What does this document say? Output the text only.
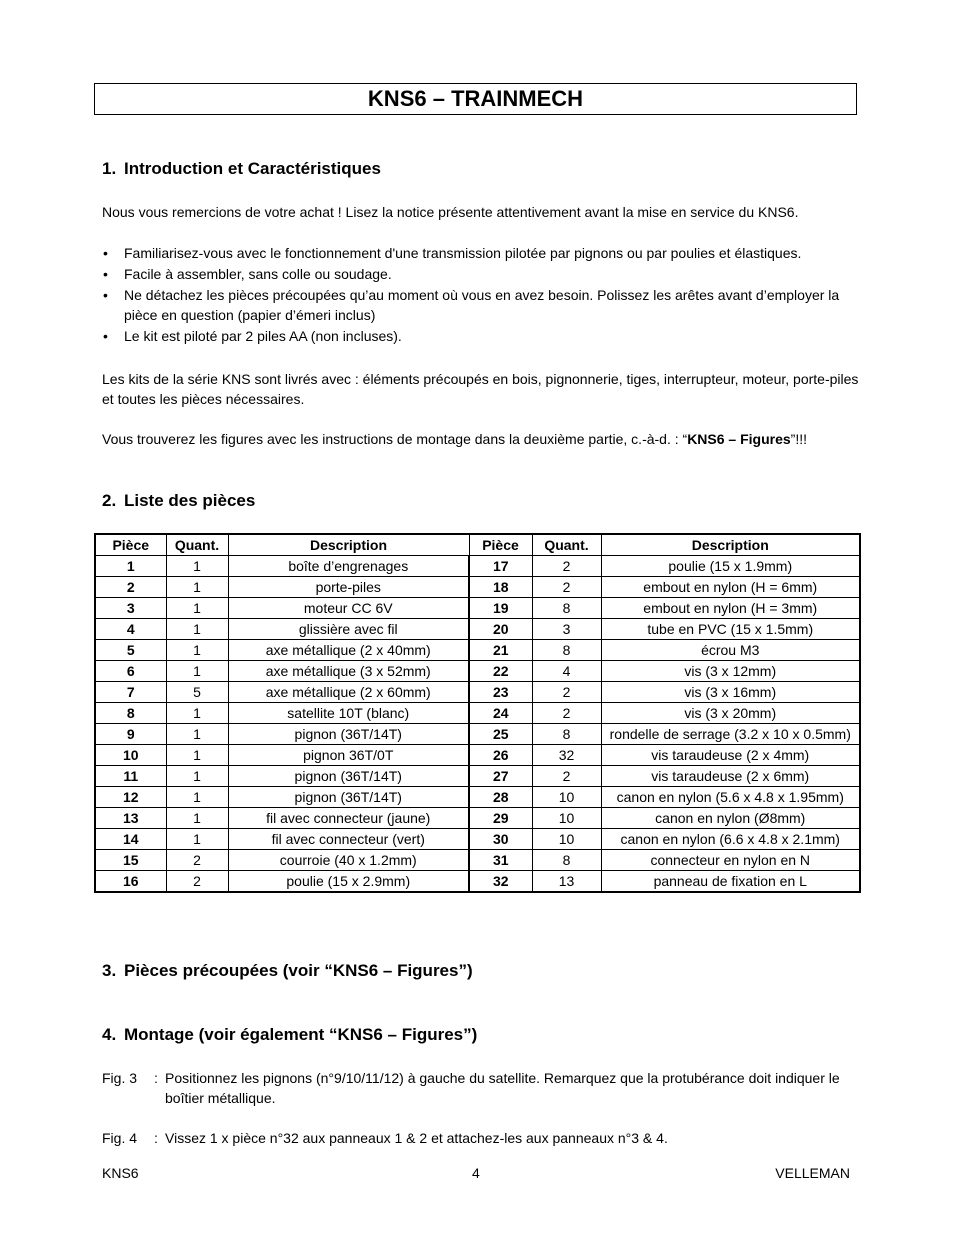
KNS6 – TRAINMECH
1. Introduction et Caractéristiques

Nous vous remercions de votre achat ! Lisez la notice présente attentivement avant la mise en service du KNS6.

• Familiarisez-vous avec le fonctionnement d'une transmission pilotée par pignons ou par poulies et élastiques.
• Facile à assembler, sans colle ou soudage.
• Ne détachez les pièces précoupées qu’au moment où vous en avez besoin. Polissez les arêtes avant d’employer la pièce en question (papier d’émeri inclus)
• Le kit est piloté par 2 piles AA (non incluses).

Les kits de la série KNS sont livrés avec : éléments précoupés en bois, pignonnerie, tiges, interrupteur, moteur, porte-piles et toutes les pièces nécessaires.

Vous trouverez les figures avec les instructions de montage dans la deuxième partie, c.-à-d. : “KNS6 – Figures”!!!

2. Liste des pièces
Pièce	Quant.	Description	Pièce	Quant.	Description
1	1	boîte d’engrenages	17	2	poulie (15 x 1.9mm)
2	1	porte-piles	18	2	embout en nylon (H = 6mm)
3	1	moteur CC 6V	19	8	embout en nylon (H = 3mm)
4	1	glissière avec fil	20	3	tube en PVC (15 x 1.5mm)
5	1	axe métallique (2 x 40mm)	21	8	écrou M3
6	1	axe métallique (3 x 52mm)	22	4	vis (3 x 12mm)
7	5	axe métallique (2 x 60mm)	23	2	vis (3 x 16mm)
8	1	satellite 10T (blanc)	24	2	vis (3 x 20mm)
9	1	pignon (36T/14T)	25	8	rondelle de serrage (3.2 x 10 x 0.5mm)
10	1	pignon 36T/0T	26	32	vis taraudeuse (2 x 4mm)
11	1	pignon (36T/14T)	27	2	vis taraudeuse (2 x 6mm)
12	1	pignon (36T/14T)	28	10	canon en nylon (5.6 x 4.8 x 1.95mm)
13	1	fil avec connecteur (jaune)	29	10	canon en nylon (Ø8mm)
14	1	fil avec connecteur (vert)	30	10	canon en nylon (6.6 x 4.8 x 2.1mm)
15	2	courroie (40 x 1.2mm)	31	8	connecteur en nylon en N
16	2	poulie (15 x 2.9mm)	32	13	panneau de fixation en L
3. Pièces précoupées (voir “KNS6 – Figures”)
4. Montage (voir également “KNS6 – Figures”)
Fig. 3	: Positionnez les pignons (n°9/10/11/12) à gauche du satellite. Remarquez que la protubérance doit indiquer le boîtier métallique.
Fig. 4	: Vissez 1 x pièce n°32 aux panneaux 1 & 2 et attachez-les aux panneaux n°3 & 4.
KNS6	4	VELLEMAN
